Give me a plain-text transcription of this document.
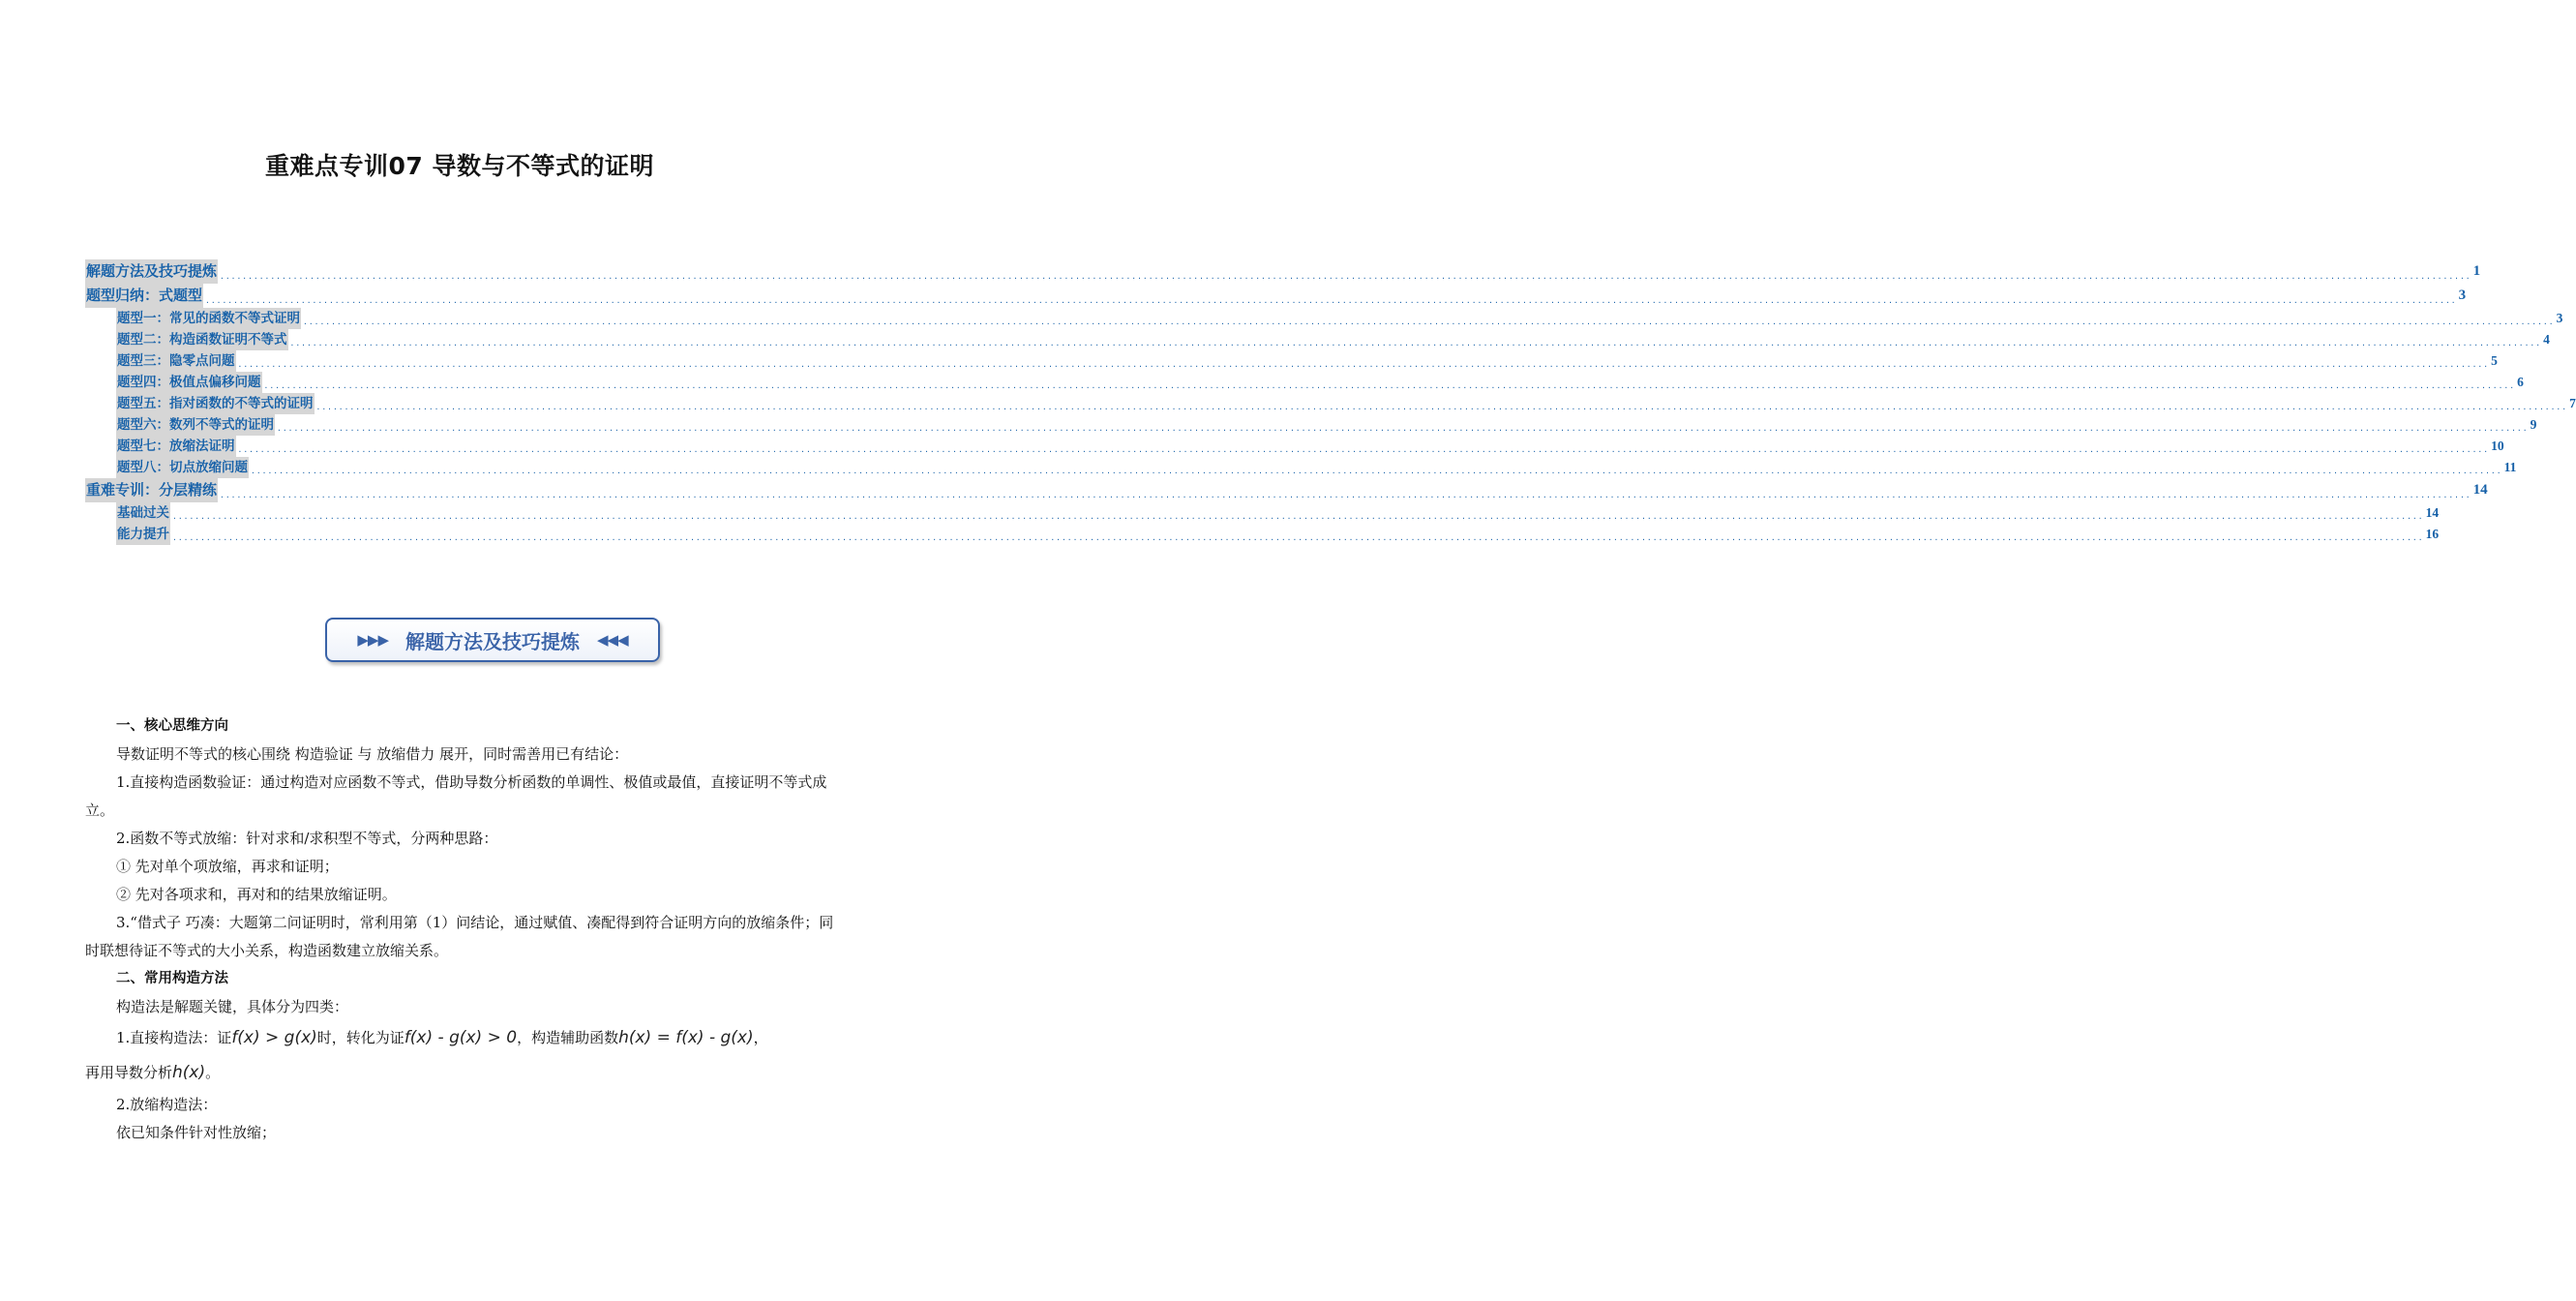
重难点专训07 导数与不等式的证明
解题方法及技巧提炼 ................................................................................................................................................................................................................................................................................................................................................................................................................ 1
题型归纳：式题型 ................................................................................................................................................................................................................................................................................................................................................................................................................ 3
题型一：常见的函数不等式证明 ................................................................................................................................................................................................................................................................................................................................................................................................................ 3
题型二：构造函数证明不等式 ................................................................................................................................................................................................................................................................................................................................................................................................................ 4
题型三：隐零点问题 ................................................................................................................................................................................................................................................................................................................................................................................................................ 5
题型四：极值点偏移问题 ................................................................................................................................................................................................................................................................................................................................................................................................................ 6
题型五：指对函数的不等式的证明 ................................................................................................................................................................................................................................................................................................................................................................................................................ 7
题型六：数列不等式的证明 ................................................................................................................................................................................................................................................................................................................................................................................................................ 9
题型七：放缩法证明 ................................................................................................................................................................................................................................................................................................................................................................................................................ 10
题型八：切点放缩问题 ................................................................................................................................................................................................................................................................................................................................................................................................................ 11
重难专训：分层精练 ................................................................................................................................................................................................................................................................................................................................................................................................................ 14
基础过关 ................................................................................................................................................................................................................................................................................................................................................................................................................ 14
能力提升 ................................................................................................................................................................................................................................................................................................................................................................................................................ 16
▶▶▶ 解题方法及技巧提炼 ◀◀◀

一、核心思维方向

导数证明不等式的核心围绕 构造验证 与 放缩借力 展开，同时需善用已有结论：

1.直接构造函数验证：通过构造对应函数不等式，借助导数分析函数的单调性、极值或最值，直接证明不等式成立。

2.函数不等式放缩：针对求和/求积型不等式，分两种思路：

① 先对单个项放缩，再求和证明；

② 先对各项求和，再对和的结果放缩证明。

3.“借式子 巧凑：大题第二问证明时，常利用第（1）问结论，通过赋值、凑配得到符合证明方向的放缩条件；同时联想待证不等式的大小关系，构造函数建立放缩关系。

二、常用构造方法

构造法是解题关键，具体分为四类：

1.直接构造法：证f(x) > g(x)时，转化为证f(x) - g(x) > 0，构造辅助函数h(x) = f(x) - g(x)，

再用导数分析h(x)。

2.放缩构造法：

依已知条件针对性放缩；
